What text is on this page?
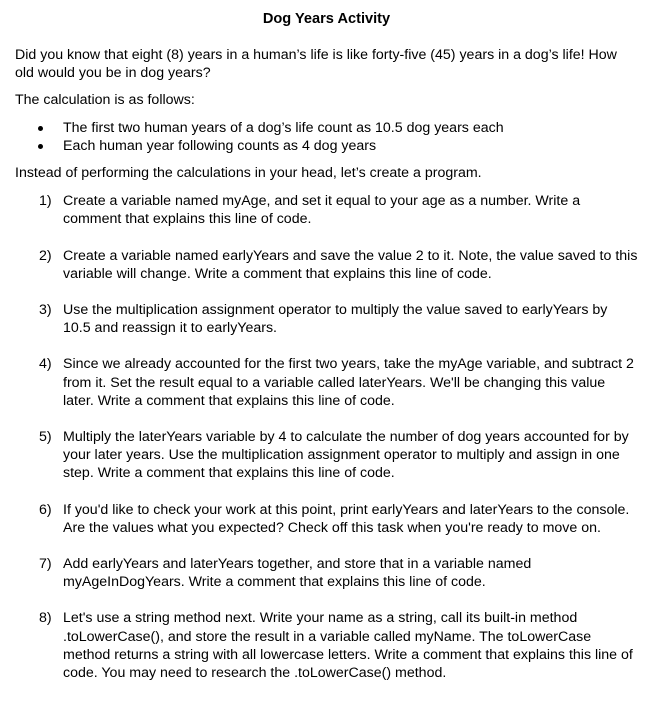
Dog Years Activity
Did you know that eight (8) years in a human’s life is like forty-five (45) years in a dog’s life! How old would you be in dog years?
The calculation is as follows:
The first two human years of a dog’s life count as 10.5 dog years each
Each human year following counts as 4 dog years
Instead of performing the calculations in your head, let’s create a program.
1) Create a variable named myAge, and set it equal to your age as a number. Write a comment that explains this line of code.
2) Create a variable named earlyYears and save the value 2 to it. Note, the value saved to this variable will change. Write a comment that explains this line of code.
3) Use the multiplication assignment operator to multiply the value saved to earlyYears by 10.5 and reassign it to earlyYears.
4) Since we already accounted for the first two years, take the myAge variable, and subtract 2 from it. Set the result equal to a variable called laterYears. We'll be changing this value later. Write a comment that explains this line of code.
5) Multiply the laterYears variable by 4 to calculate the number of dog years accounted for by your later years. Use the multiplication assignment operator to multiply and assign in one step. Write a comment that explains this line of code.
6) If you'd like to check your work at this point, print earlyYears and laterYears to the console. Are the values what you expected? Check off this task when you're ready to move on.
7) Add earlyYears and laterYears together, and store that in a variable named myAgeInDogYears. Write a comment that explains this line of code.
8) Let's use a string method next. Write your name as a string, call its built-in method .toLowerCase(), and store the result in a variable called myName. The toLowerCase method returns a string with all lowercase letters. Write a comment that explains this line of code. You may need to research the .toLowerCase() method.
